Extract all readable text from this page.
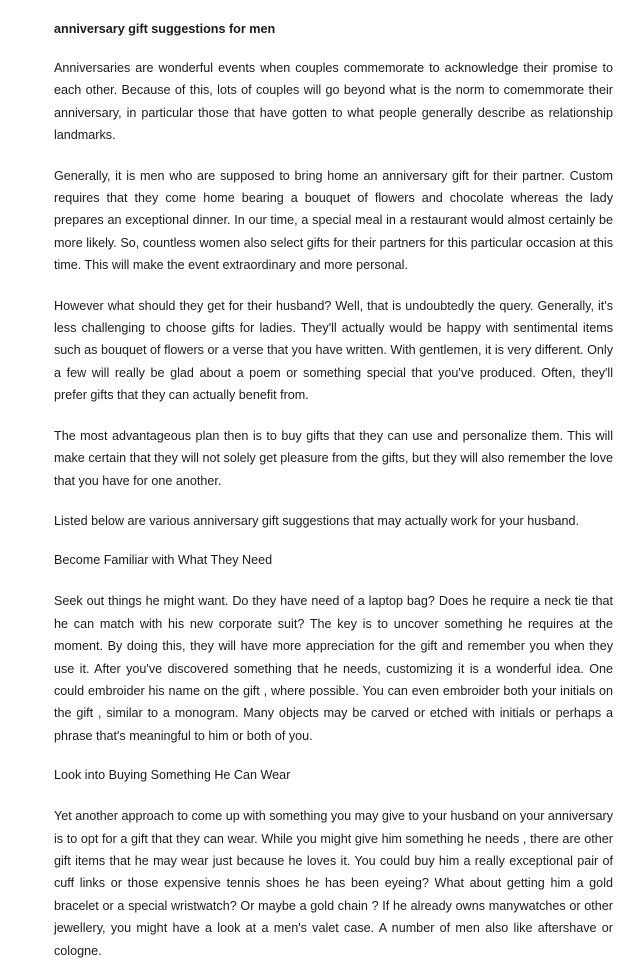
anniversary gift suggestions for men

Anniversaries are wonderful events when couples commemorate to acknowledge their promise to each other. Because of this, lots of couples will go beyond what is the norm to comemmorate their anniversary, in particular those that have gotten to what people generally describe as relationship landmarks.

Generally, it is men who are supposed to bring home an anniversary gift for their partner. Custom requires that they come home bearing a bouquet of flowers and chocolate whereas the lady prepares an exceptional dinner. In our time, a special meal in a restaurant would almost certainly be more likely. So, countless women also select gifts for their partners for this particular occasion at this time. This will make the event extraordinary and more personal.

However what should they get for their husband? Well, that is undoubtedly the query. Generally, it's less challenging to choose gifts for ladies. They'll actually would be happy with sentimental items such as bouquet of flowers or a verse that you have written. With gentlemen, it is very different. Only a few will really be glad about a poem or something special that you've produced. Often, they'll prefer gifts that they can actually benefit from.

The most advantageous plan then is to buy gifts that they can use and personalize them. This will make certain that they will not solely get pleasure from the gifts, but they will also remember the love that you have for one another.

Listed below are various anniversary gift suggestions that may actually work for your husband.

Become Familiar with What They Need

Seek out things he might want. Do they have need of a laptop bag? Does he require a neck tie that he can match with his new corporate suit? The key is to uncover something he requires at the moment. By doing this, they will have more appreciation for the gift and remember you when they use it. After you've discovered something that he needs, customizing it is a wonderful idea. One could embroider his name on the gift , where possible. You can even embroider both your initials on the gift , similar to a monogram. Many objects may be carved or etched with initials or perhaps a phrase that's meaningful to him or both of you.

Look into Buying Something He Can Wear

Yet another approach to come up with something you may give to your husband on your anniversary is to opt for a gift that they can wear. While you might give him something he needs , there are other gift items that he may wear just because he loves it. You could buy him a really exceptional pair of cuff links or those expensive tennis shoes he has been eyeing? What about getting him a gold bracelet or a special wristwatch? Or maybe a gold chain ? If he already owns manywatches or other jewellery, you might have a look at a men's valet case. A number of men also like aftershave or cologne.
